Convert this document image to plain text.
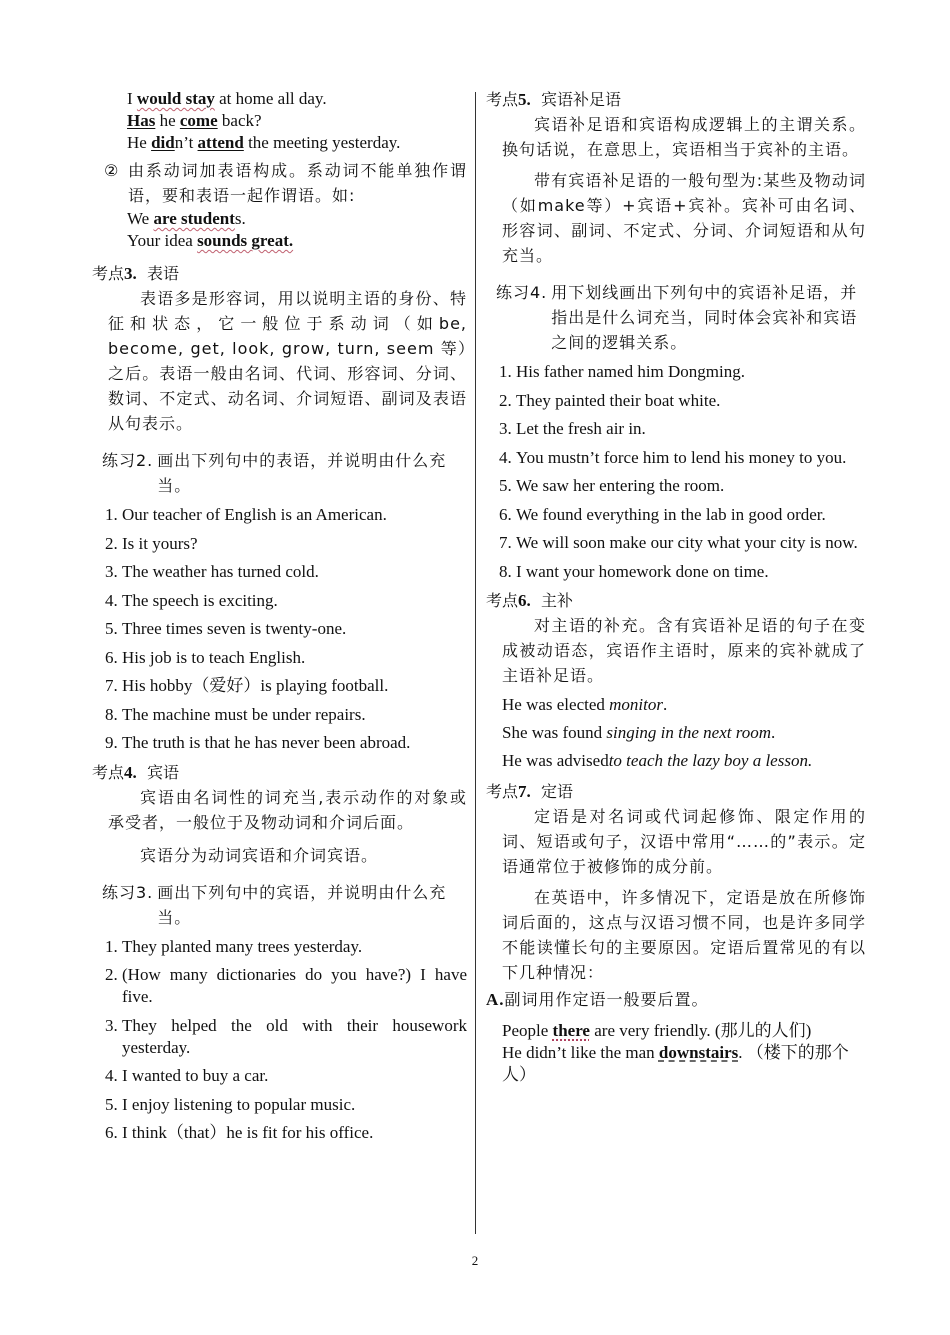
I would stay at home all day.

Has he come back?

He didn’t attend the meeting yesterday.

② 由系动词加表语构成。系动词不能单独作谓语，要和表语一起作谓语。如:

We are students.

Your idea sounds great.

考点3. 表语

表语多是形容词，用以说明主语的身份、特征和状态，它一般位于系动词（如be, become, get, look, grow, turn, seem 等）之后。表语一般由名词、代词、形容词、分词、数词、不定式、动名词、介词短语、副词及表语从句表示。

练习2. 画出下列句中的表语，并说明由什么充当。

1. Our teacher of English is an American.
2. Is it yours?
3. The weather has turned cold.
4. The speech is exciting.
5. Three times seven is twenty-one.
6. His job is to teach English.
7. His hobby（爱好）is playing football.
8. The machine must be under repairs.
9. The truth is that he has never been abroad.

考点4. 宾语

宾语由名词性的词充当,表示动作的对象或承受者，一般位于及物动词和介词后面。

宾语分为动词宾语和介词宾语。

练习3. 画出下列句中的宾语，并说明由什么充当。

1. They planted many trees yesterday.
2. (How many dictionaries do you have?) I have five.
3. They helped the old with their housework yesterday.
4. I wanted to buy a car.
5. I enjoy listening to popular music.
6. I think（that）he is fit for his office.

考点5. 宾语补足语

宾语补足语和宾语构成逻辑上的主谓关系。换句话说，在意思上，宾语相当于宾补的主语。

带有宾语补足语的一般句型为:某些及物动词（如make等）+宾语+宾补。宾补可由名词、形容词、副词、不定式、分词、介词短语和从句充当。

练习4. 用下划线画出下列句中的宾语补足语，并指出是什么词充当，同时体会宾补和宾语之间的逻辑关系。

1. His father named him Dongming.
2. They painted their boat white.
3. Let the fresh air in.
4. You mustn’t force him to lend his money to you.
5. We saw her entering the room.
6. We found everything in the lab in good order.
7. We will soon make our city what your city is now.
8. I want your homework done on time.

考点6. 主补

对主语的补充。含有宾语补足语的句子在变成被动语态，宾语作主语时，原来的宾补就成了主语补足语。

He was elected monitor.

She was found singing in the next room.

He was advisedto teach the lazy boy a lesson.

考点7. 定语

定语是对名词或代词起修饰、限定作用的词、短语或句子，汉语中常用“……的”表示。定语通常位于被修饰的成分前。

在英语中，许多情况下，定语是放在所修饰词后面的，这点与汉语习惯不同，也是许多同学不能读懂长句的主要原因。定语后置常见的有以下几种情况：

A.副词用作定语一般要后置。

People there are very friendly. (那儿的人们)

He didn’t like the man downstairs. （楼下的那个人）

2
